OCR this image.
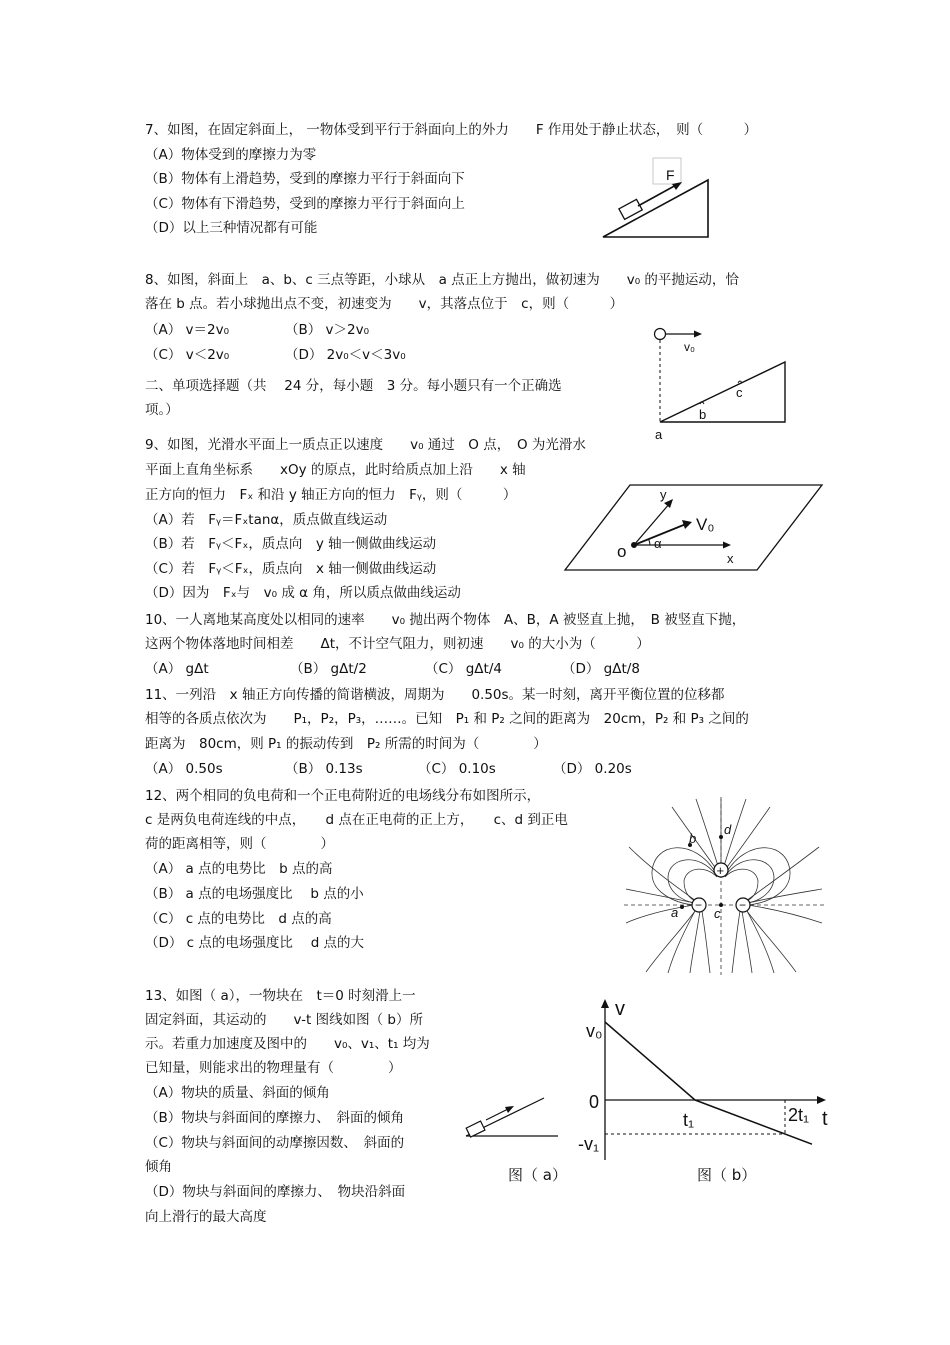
7、如图，在固定斜面上， 一物体受到平行于斜面向上的外力　　F 作用处于静止状态，　则（　　　）
（A）物体受到的摩擦力为零
（B）物体有上滑趋势，受到的摩擦力平行于斜面向下
（C）物体有下滑趋势，受到的摩擦力平行于斜面向上
（D）以上三种情况都有可能
F
8、如图，斜面上　a、b、c 三点等距，小球从　a 点正上方抛出，做初速为　　v₀ 的平抛运动，恰
落在 b 点。若小球抛出点不变，初速变为　　v，其落点位于　c，则（　　　）
（A） v＝2v₀	（B） v＞2v₀
（C） v＜2v₀	（D） 2v₀＜v＜3v₀	v₀
a
b
c
二、单项选择题（共　 24 分，每小题　3 分。每小题只有一个正确选
项。）
9、如图，光滑水平面上一质点正以速度　　v₀ 通过　O 点，　O 为光滑水
平面上直角坐标系　　xOy 的原点，此时给质点加上沿　　x 轴
正方向的恒力　Fₓ 和沿 y 轴正方向的恒力　Fᵧ，则（　　　）
（A）若　Fᵧ＝Fₓtanα，质点做直线运动
（B）若　Fᵧ＜Fₓ，质点向　y 轴一侧做曲线运动
（C）若　Fᵧ＜Fₓ，质点向　x 轴一侧做曲线运动
（D）因为　Fₓ与　v₀ 成 α 角，所以质点做曲线运动
y
x
o
V₀
α
10、一人离地某高度处以相同的速率　　v₀ 抛出两个物体　A、B，A 被竖直上抛，　B 被竖直下抛，
这两个物体落地时间相差　　Δt，不计空气阻力，则初速　　v₀ 的大小为（　　　）
（A） gΔt	（B） gΔt/2	（C） gΔt/4	（D） gΔt/8
11、一列沿　x 轴正方向传播的简谐横波，周期为　　0.50s。某一时刻，离开平衡位置的位移都
相等的各质点依次为　　P₁，P₂，P₃，……。已知　P₁ 和 P₂ 之间的距离为　20cm，P₂ 和 P₃ 之间的
距离为　80cm，则 P₁ 的振动传到　P₂ 所需的时间为（　　　　）
（A） 0.50s	（B） 0.13s	（C） 0.10s	（D） 0.20s
12、两个相同的负电荷和一个正电荷附近的电场线分布如图所示，
c 是两负电荷连线的中点，　　d 点在正电荷的正上方，　　c、d 到正电
荷的距离相等，则（　　　　）
（A） a 点的电势比　b 点的高
（B） a 点的电场强度比　 b 点的小
（C） c 点的电势比　d 点的高
（D） c 点的电场强度比　 d 点的大
+
−	−
b
d
a	c
13、如图（ a），一物块在　t＝0 时刻滑上一
固定斜面，其运动的　　v-t 图线如图（ b）所
示。若重力加速度及图中的　　v₀、v₁、t₁ 均为
已知量，则能求出的物理量有（　　　　）
（A）物块的质量、斜面的倾角
（B）物块与斜面间的摩擦力、　斜面的倾角
（C）物块与斜面间的动摩擦因数、　斜面的
倾角
（D）物块与斜面间的摩擦力、　物块沿斜面
向上滑行的最大高度
图（ a）
v
t
v₀
0
-v₁
t₁	2t₁
图（ b）
